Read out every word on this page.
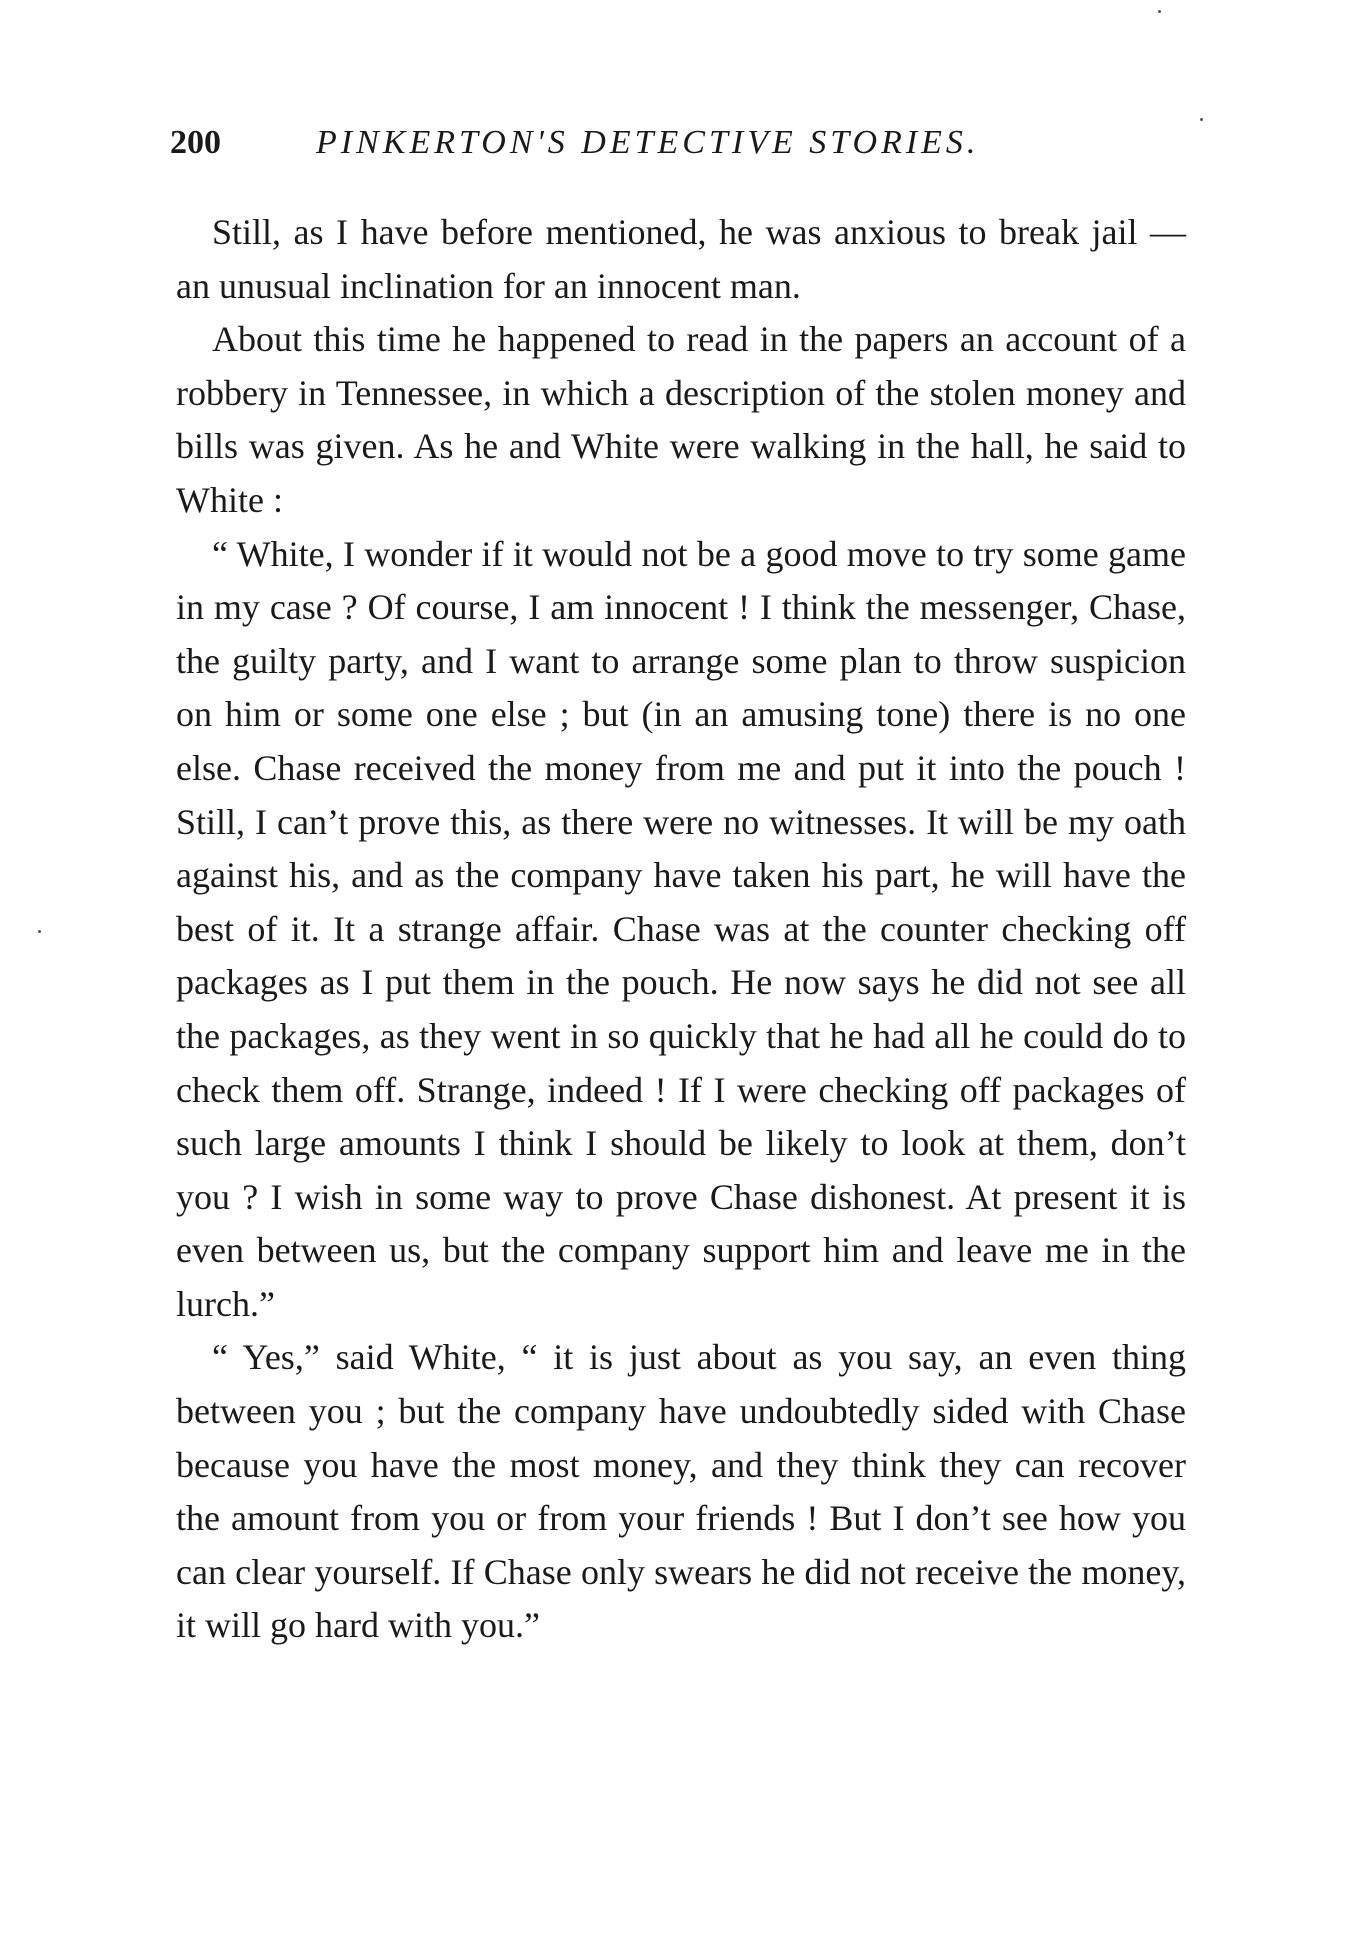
200	PINKERTON'S DETECTIVE STORIES.

Still, as I have before mentioned, he was anxious to break jail — an unusual inclination for an innocent man.

About this time he happened to read in the papers an account of a robbery in Tennessee, in which a description of the stolen money and bills was given. As he and White were walking in the hall, he said to White :

“ White, I wonder if it would not be a good move to try some game in my case ? Of course, I am innocent ! I think the messenger, Chase, the guilty party, and I want to arrange some plan to throw suspicion on him or some one else ; but (in an amusing tone) there is no one else. Chase received the money from me and put it into the pouch ! Still, I can’t prove this, as there were no witnesses. It will be my oath against his, and as the company have taken his part, he will have the best of it. It a strange affair. Chase was at the counter checking off packages as I put them in the pouch. He now says he did not see all the packages, as they went in so quickly that he had all he could do to check them off. Strange, indeed ! If I were checking off packages of such large amounts I think I should be likely to look at them, don’t you ? I wish in some way to prove Chase dishonest. At present it is even between us, but the company support him and leave me in the lurch.”

“ Yes,” said White, “ it is just about as you say, an even thing between you ; but the company have undoubtedly sided with Chase because you have the most money, and they think they can recover the amount from you or from your friends ! But I don’t see how you can clear yourself. If Chase only swears he did not receive the money, it will go hard with you.”
